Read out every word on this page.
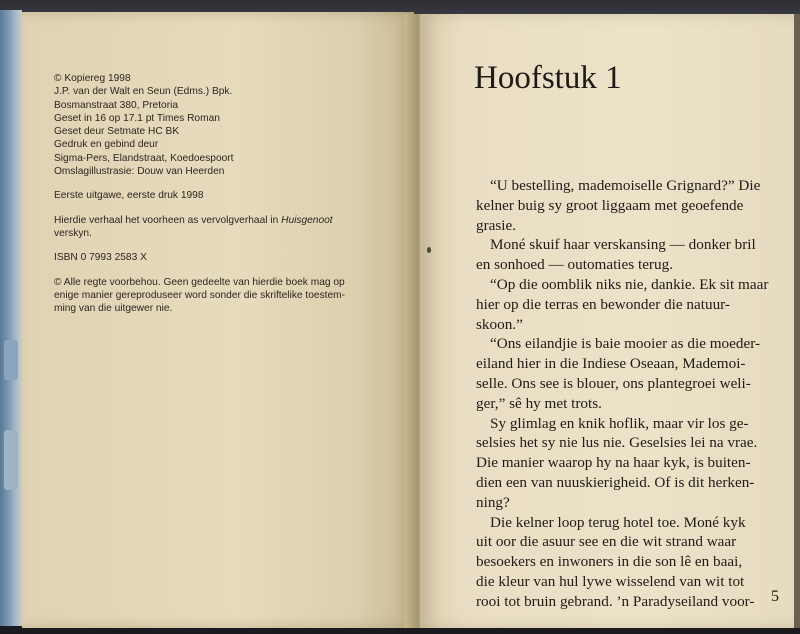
© Kopiereg 1998
J.P. van der Walt en Seun (Edms.) Bpk.
Bosmanstraat 380, Pretoria
Geset in 16 op 17.1 pt Times Roman
Geset deur Setmate HC BK
Gedruk en gebind deur
Sigma-Pers, Elandstraat, Koedoespoort
Omslagillustrasie: Douw van Heerden
Eerste uitgawe, eerste druk 1998
Hierdie verhaal het voorheen as vervolgverhaal in Huisgenoot
verskyn.
ISBN 0 7993 2583 X
© Alle regte voorbehou. Geen gedeelte van hierdie boek mag op
enige manier gereproduseer word sonder die skriftelike toestem-
ming van die uitgewer nie.
Hoofstuk 1
“U bestelling, mademoiselle Grignard?” Die
kelner buig sy groot liggaam met geoefende
grasie.
Moné skuif haar verskansing — donker bril
en sonhoed — outomaties terug.
“Op die oomblik niks nie, dankie. Ek sit maar
hier op die terras en bewonder die natuur-
skoon.”
“Ons eilandjie is baie mooier as die moeder-
eiland hier in die Indiese Oseaan, Mademoi-
selle. Ons see is blouer, ons plantegroei weli-
ger,” sê hy met trots.
Sy glimlag en knik hoflik, maar vir los ge-
selsies het sy nie lus nie. Geselsies lei na vrae.
Die manier waarop hy na haar kyk, is buiten-
dien een van nuuskierigheid. Of is dit herken-
ning?
Die kelner loop terug hotel toe. Moné kyk
uit oor die asuur see en die wit strand waar
besoekers en inwoners in die son lê en baai,
die kleur van hul lywe wisselend van wit tot
rooi tot bruin gebrand. ’n Paradyseiland voor-	5
